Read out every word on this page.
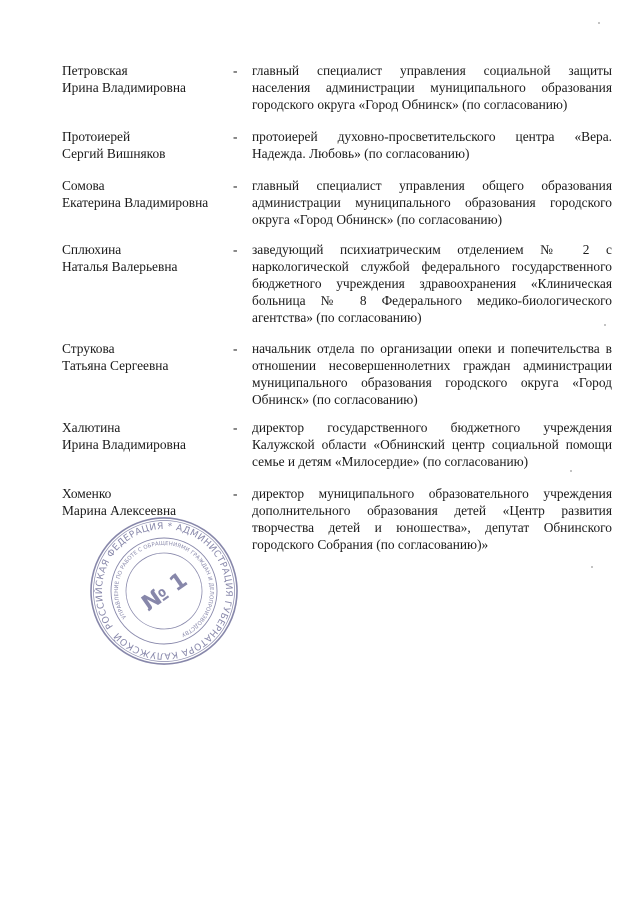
Петровская
Ирина Владимировна
- главный специалист управления социальной защиты населения администрации муниципального образования городского округа «Город Обнинск» (по согласованию)
Протоиерей
Сергий Вишняков
- протоиерей духовно-просветительского центра «Вера. Надежда. Любовь» (по согласованию)
Сомова
Екатерина Владимировна
- главный специалист управления общего образования администрации муниципального образования городского округа «Город Обнинск» (по согласованию)
Сплюхина
Наталья Валерьевна
- заведующий психиатрическим отделением № 2 с наркологической службой федерального государственного бюджетного учреждения здравоохранения «Клиническая больница № 8 Федерального медико-биологического агентства» (по согласованию)
Струкова
Татьяна Сергеевна
- начальник отдела по организации опеки и попечительства в отношении несовершеннолетних граждан администрации муниципального образования городского округа «Город Обнинск» (по согласованию)
Халютина
Ирина Владимировна
- директор государственного бюджетного учреждения Калужской области «Обнинский центр социальной помощи семье и детям «Милосердие» (по согласованию)
Хоменко
Марина Алексеевна
- директор муниципального образовательного учреждения дополнительного образования детей «Центр развития творчества детей и юношества», депутат Обнинского городского Собрания (по согласованию)»
РОССИЙСКАЯ ФЕДЕРАЦИЯ * АДМИНИСТРАЦИЯ ГУБЕРНАТОРА КАЛУЖСКОЙ
УПРАВЛЕНИЕ ПО РАБОТЕ С ОБРАЩЕНИЯМИ ГРАЖДАН И ДЕЛОПРОИЗВОДСТВУ
№ 1
